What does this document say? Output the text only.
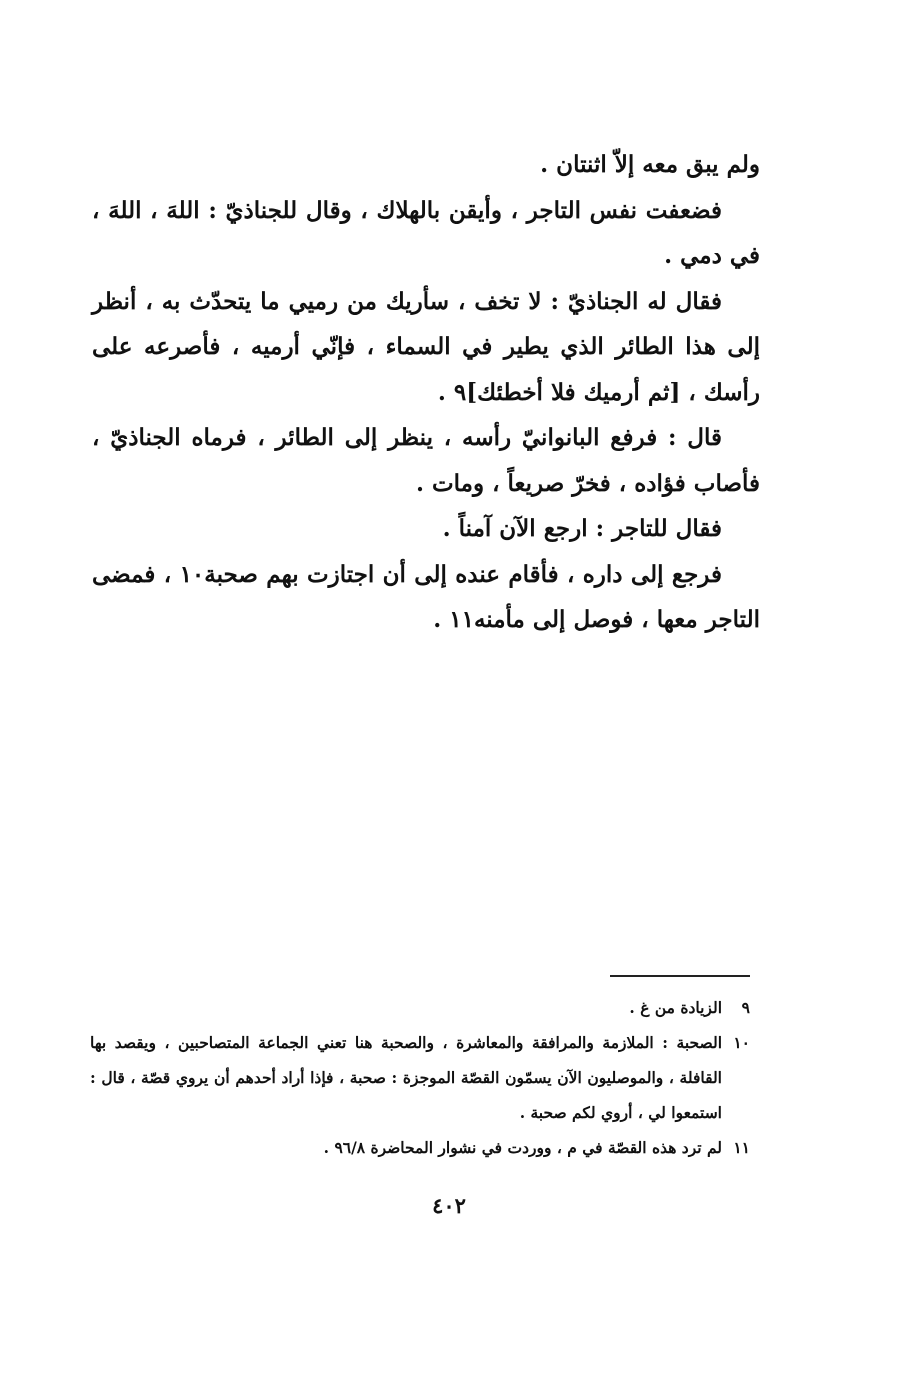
ولم يبق معه إلاّ اثنتان .

فضعفت نفس التاجر ، وأيقن بالهلاك ، وقال للجناذيّ : اللهَ ، اللهَ ، في دمي .

فقال له الجناذيّ : لا تخف ، سأريك من رميي ما يتحدّث به ، أنظر إلى هذا الطائر الذي يطير في السماء ، فإنّي أرميه ، فأصرعه على رأسك ، [ثم أرميك فلا أخطئك]٩ .

قال : فرفع البانوانيّ رأسه ، ينظر إلى الطائر ، فرماه الجناذيّ ، فأصاب فؤاده ، فخرّ صريعاً ، ومات .

فقال للتاجر : ارجع الآن آمناً .

فرجع إلى داره ، فأقام عنده إلى أن اجتازت بهم صحبة١٠ ، فمضى التاجر معها ، فوصل إلى مأمنه١١ .

٩
الزيادة من غ .

١٠
الصحبة : الملازمة والمرافقة والمعاشرة ، والصحبة هنا تعني الجماعة المتصاحبين ، ويقصد بها القافلة ، والموصليون الآن يسمّون القصّة الموجزة : صحبة ، فإذا أراد أحدهم أن يروي قصّة ، قال : استمعوا لي ، أروي لكم صحبة .

١١
لم ترد هذه القصّة في م ، ووردت في نشوار المحاضرة ٩٦/٨ .

٤٠٢
